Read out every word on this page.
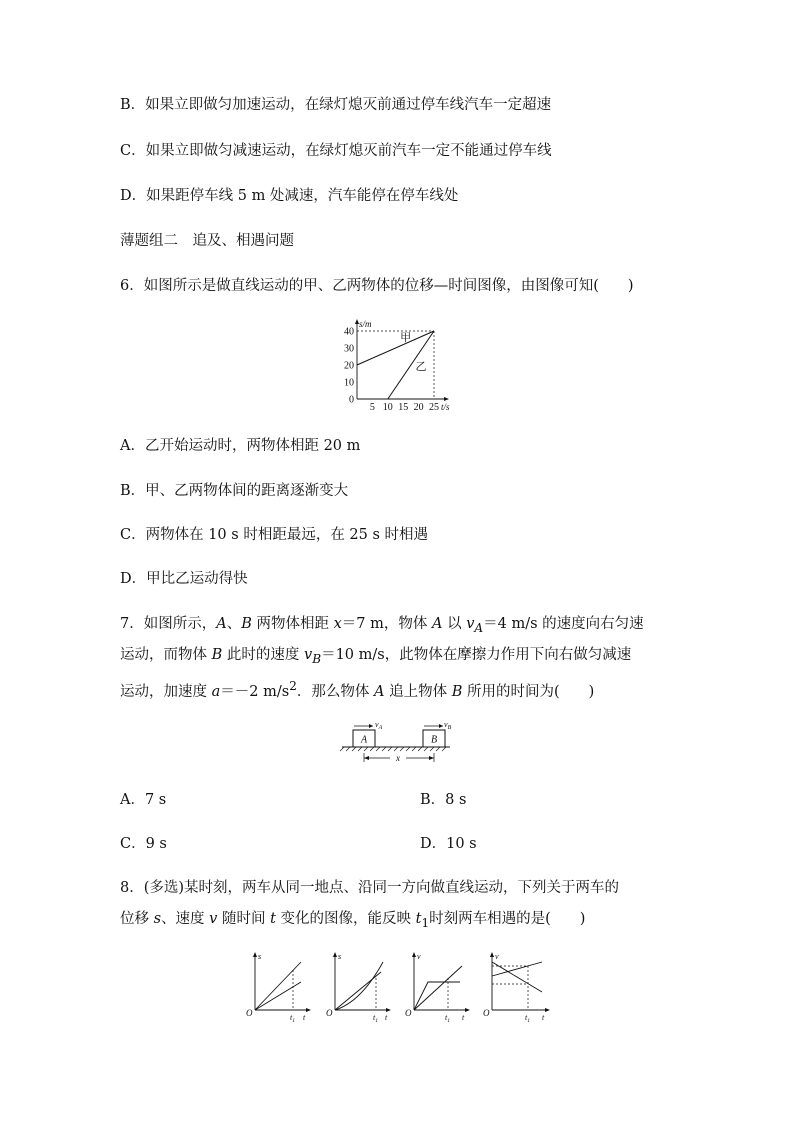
B．如果立即做匀加速运动，在绿灯熄灭前通过停车线汽车一定超速
C．如果立即做匀减速运动，在绿灯熄灭前汽车一定不能通过停车线
D．如果距停车线 5 m 处减速，汽车能停在停车线处
薄题组二　追及、相遇问题
6．如图所示是做直线运动的甲、乙两物体的位移—时间图像，由图像可知(　　)
0
10
20
30
40
5 10 15 20 25
s/m
t/s
甲
乙
A．乙开始运动时，两物体相距 20 m
B．甲、乙两物体间的距离逐渐变大
C．两物体在 10 s 时相距最远，在 25 s 时相遇
D．甲比乙运动得快
7．如图所示，A、B 两物体相距 x＝7 m，物体 A 以 $v_A=4$ m/s 的速度向右匀速
运动，而物体 B 此时的速度 $v_B=10$ m/s，此物体在摩擦力作用下向右做匀减速
运动，加速度 a＝－2 $m/s^2$．那么物体 A 追上物体 B 所用的时间为(　　)
A	B
$v_A$	$v_B$
x
A．7 s	B．8 s
C．9 s	D．10 s
8．(多选)某时刻，两车从同一地点、沿同一方向做直线运动，下列关于两车的
位移 s、速度 v 随时间 t 变化的图像，能反映 $t_1$时刻两车相遇的是(　　)
s
O	$t_1$ t
s
O	$t_1$ t
v
O	$t_1$ t
v
O	$t_1$ t
